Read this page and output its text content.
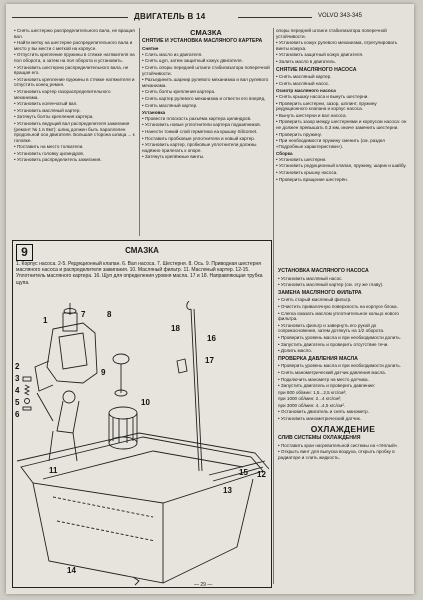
ДВИГАТЕЛЬ В 14	VOLVO 343-345

• Снять шестерню распределительного вала, не вращая вал.

• Найти метку на шестерне распределительного вала и место у вы мести с меткой на корпусе.

• Отпустить крепление пружины в стяжке натяжителя на пол оборота, а затем на пол оборота и установить.

• Установить шестерню распределительного вала, не вращая его.

• Установить крепление пружины в стяжке натяжителя и отпустить конец ремня.

• Установить картер газораспределительного механизма.

• Установить коленчатый вал.

• Установить масляный картер.

• Затянуть болты крепления картера.

• Установить ведущий вал распределителя зажигания (ремонт № 1 в 8мт): шлиц должен быть параллелен продольной оси двигателя. Большая сторона шлица ... к головке.

• Поставить на место толкатели.

• Установить головку цилиндров.

• Установить распределитель зажигания.

СМАЗКА
СНЯТИЕ И УСТАНОВКА МАСЛЯНОГО КАРТЕРА
Снятие

• Слить масло из двигателя.

• Снять щуп, затем защитный кожух двигателя.

• Снять опоры передней штанги стабилизатора поперечной устойчивости.

• Разъединить шарнир рулевого механизма и вал рулевого механизма.

• Снять болты крепления картера.

• Снять картер рулевого механизма и отвести его вперёд.

• Снять масляный картер.

Установка

• Провести плоскость разъёма картера цилиндров.

• Установить новые уплотнители картера подшипников.

• Нанести тонкий слой герметика на крышку Silicomet.

• Поставить пробковые уплотнители и новый картер.

• Установить картер, пробковые уплотнители должны надёжно прилегать к опоре.

• Затянуть крепёжные винты.

опоры передней штанги стабилизатора поперечной устойчивости.

• Установить кожух рулевого механизма, отрегулировать винты кожуха.

• Установить защитный кожух двигателя.

• Залить масло в двигатель.

СНЯТИЕ МАСЛЯНОГО НАСОСА

• Снять масляный картер.

• Снять масляный насос.

Осмотр масляного насоса

• Снять крышку насоса и вынуть шестерни.

• Проверить шестерни, зазор, шплинт, пружину редукционного клапана и корпус насоса.

• Вынуть шестерни и вал насоса.

• Проверить зазор между шестернями и корпусом насоса: он не должен превышать 0,3 мм, иначе заменить шестерни.

• Проверить пружину.

• При необходимости пружину сменить (см. раздел «Подробные характеристики»).

Сборка

• Установить шестерни.

• Установить редукционный клапан, пружину, шарик и шайбу.

• Установить крышку насоса.

• Проверить вращение шестерён.

УСТАНОВКА МАСЛЯНОГО НАСОСА

• Установить масляный насос.

• Установить масляный картер (см. эту же главу).

ЗАМЕНА МАСЛЯНОГО ФИЛЬТРА

• Снять старый масляный фильтр.

• Очистить привалочную поверхность на корпусе блока.

• Слегка смазать маслом уплотнительное кольцо нового фильтра.

• Установить фильтр и завернуть его рукой до соприкосновения, затем дотянуть на 1/2 оборота.

• Проверить уровень масла и при необходимости долить.

• Запустить двигатель и проверить отсутствие течи.

• Долить масло.

ПРОВЕРКА ДАВЛЕНИЯ МАСЛА

• Проверить уровень масла и при необходимости долить.

• Снять манометрический датчик давления масла.

• Подключить манометр на место датчика.

• Запустить двигатель и проверить давление:

при 800 об/мин: 1,5...2,5 кгс/см²;

при 1000 об/мин: 2...4 кгс/см²;

при 3000 об/мин: 4...4,5 кгс/см².

• Остановить двигатель и снять манометр.

• Установить манометрический датчик.

ОХЛАЖДЕНИЕ
СЛИВ СИСТЕМЫ ОХЛАЖДЕНИЯ

• Поставить кран нагревательной системы на «тёплый».

• Открыть винт для выпуска воздуха, открыть пробку в радиаторе и слить жидкость.

9	СМАЗКА
1. Корпус насоса. 2-5. Редукционный клапан. 6. Вал насоса. 7. Шестерня. 8. Ось. 9. Приводная шестерня масляного насоса и распределителя зажигания. 10. Масляный фильтр. 11. Масляный картер. 12-15. Уплотнитель масляного картера. 16. Щуп для определения уровня масла. 17 и 18. Направляющая трубка щупа.
2
3
4
5
6
1
7	8
9
10
11	12
13
14
15
16
17
18
— 29 —
